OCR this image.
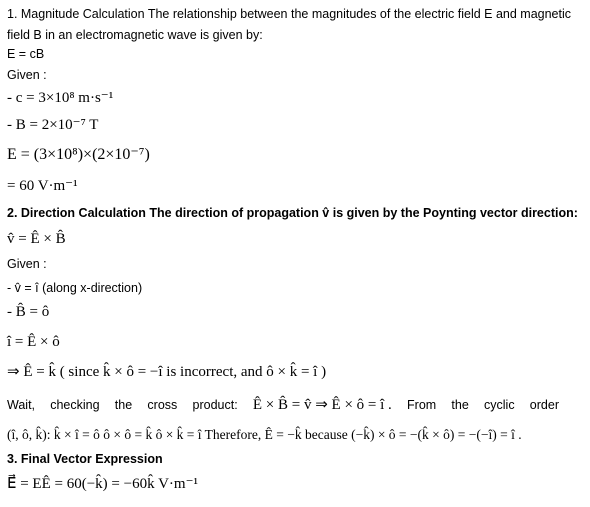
1. Magnitude Calculation The relationship between the magnitudes of the electric field E and magnetic
field B in an electromagnetic wave is given by:
E = cB
Given :
- c = 3×10⁸ m·s⁻¹
- B = 2×10⁻⁷ T
E = (3×10⁸)×(2×10⁻⁷)
= 60 V·m⁻¹
2. Direction Calculation The direction of propagation v̂ is given by the Poynting vector direction:
v̂ = Ê × B̂
Given :
- v̂ = î (along x-direction)
- B̂ = ô
î = Ê × ô
⇒ Ê = k̂ ( since k̂ × ô = −î is incorrect, and ô × k̂ = î )
Wait, checking the cross product: Ê × B̂ = v̂ ⇒ Ê × ô = î . From the cyclic order
(î, ô, k̂): k̂ × î = ô ô × ô = k̂ ô × k̂ = î Therefore, Ê = −k̂ because (−k̂) × ô = −(k̂ × ô) = −(−î) = î .
3. Final Vector Expression
E⃗ = EÊ = 60(−k̂) = −60k̂ V·m⁻¹
